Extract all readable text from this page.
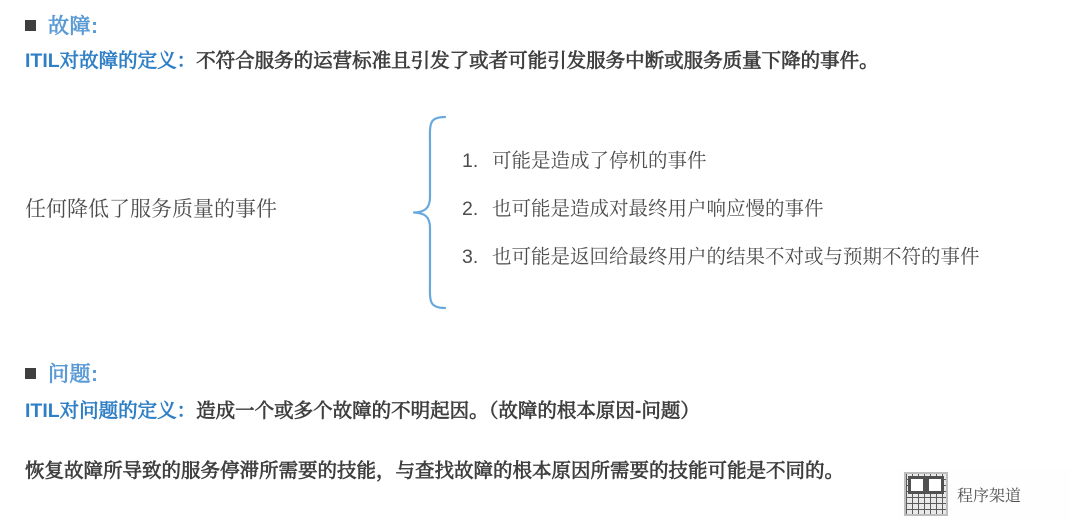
故障:
ITIL对故障的定义：不符合服务的运营标准且引发了或者可能引发服务中断或服务质量下降的事件。
任何降低了服务质量的事件
1. 可能是造成了停机的事件
2. 也可能是造成对最终用户响应慢的事件
3. 也可能是返回给最终用户的结果不对或与预期不符的事件
问题:
ITIL对问题的定义：造成一个或多个故障的不明起因。（故障的根本原因-问题）
恢复故障所导致的服务停滞所需要的技能，与查找故障的根本原因所需要的技能可能是不同的。
程序架道
